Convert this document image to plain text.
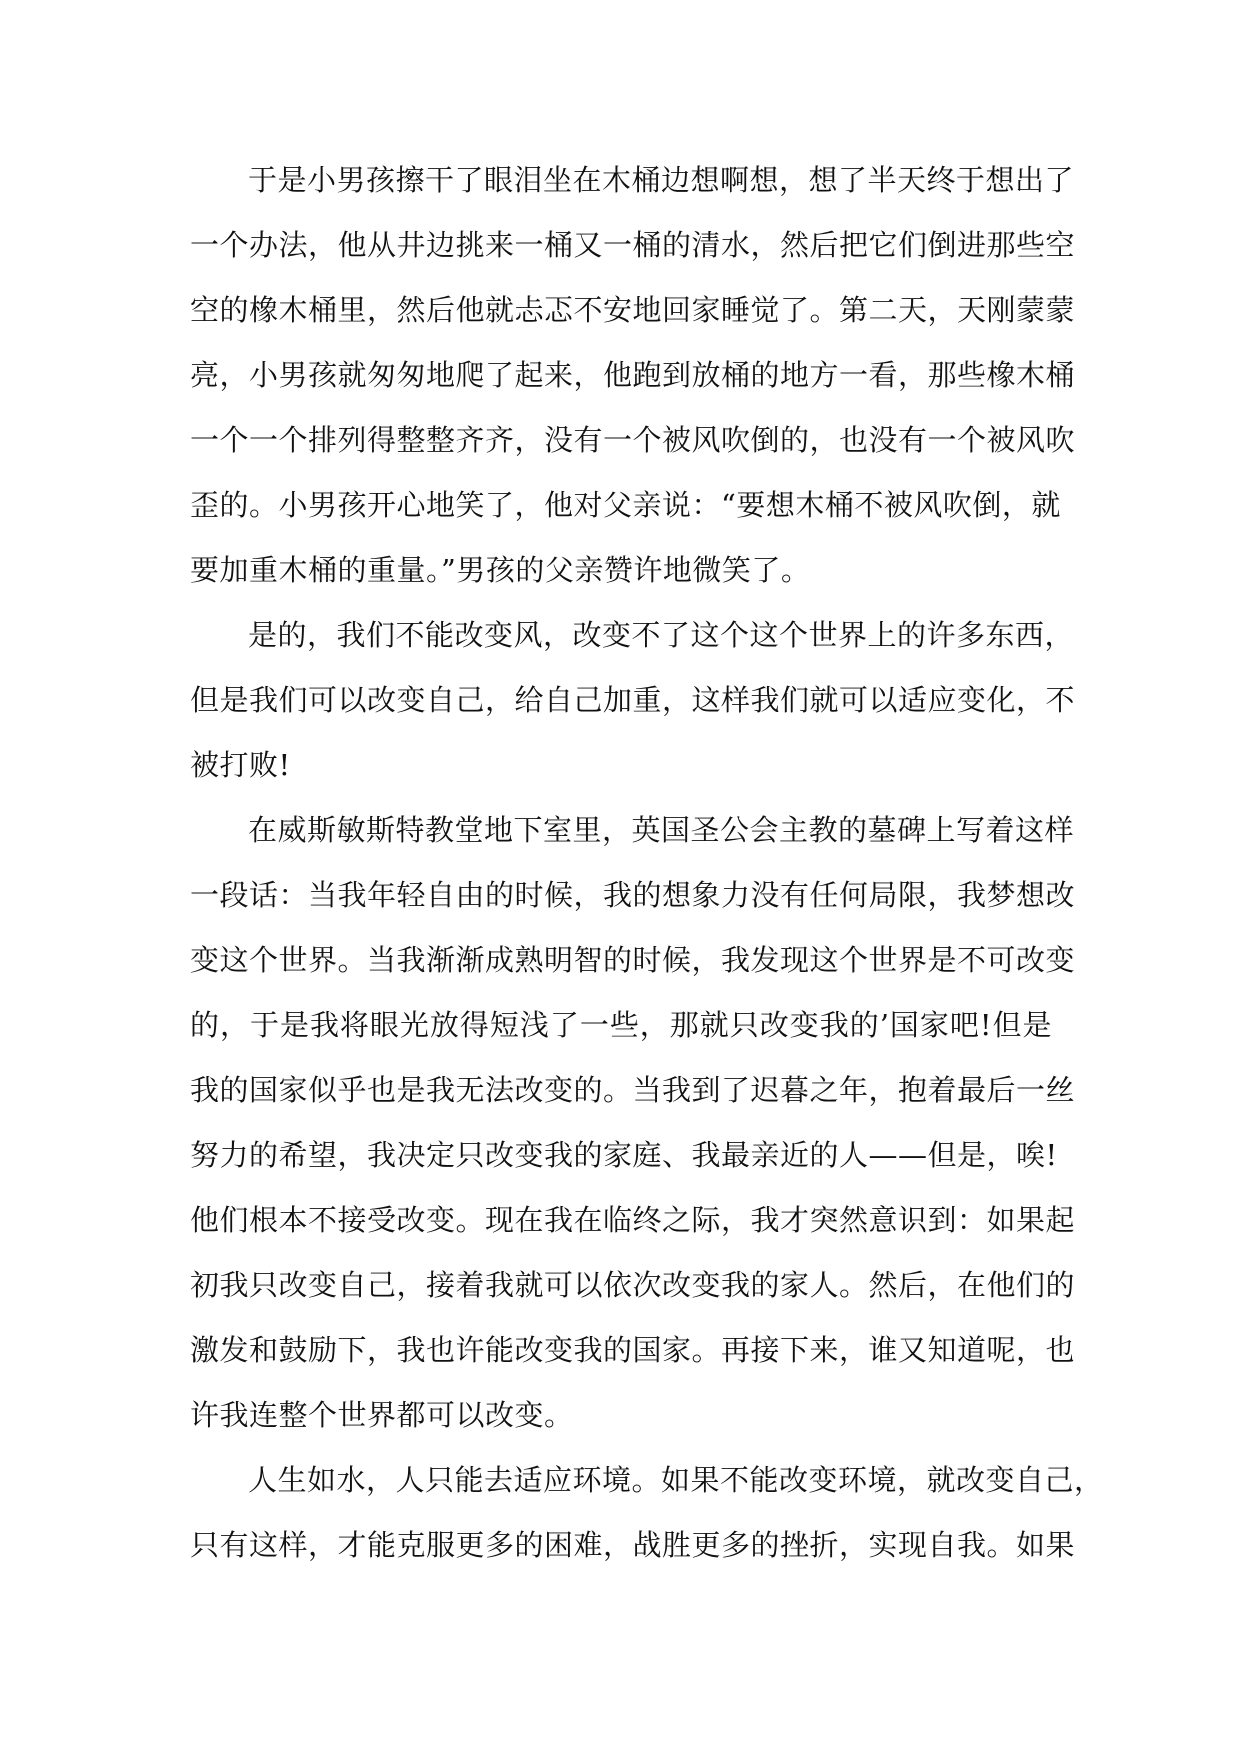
于是小男孩擦干了眼泪坐在木桶边想啊想，想了半天终于想出了
一个办法，他从井边挑来一桶又一桶的清水，然后把它们倒进那些空
空的橡木桶里，然后他就忐忑不安地回家睡觉了。第二天，天刚蒙蒙
亮，小男孩就匆匆地爬了起来，他跑到放桶的地方一看，那些橡木桶
一个一个排列得整整齐齐，没有一个被风吹倒的，也没有一个被风吹
歪的。小男孩开心地笑了，他对父亲说：“要想木桶不被风吹倒，就
要加重木桶的重量。”男孩的父亲赞许地微笑了。
是的，我们不能改变风，改变不了这个这个世界上的许多东西，
但是我们可以改变自己，给自己加重，这样我们就可以适应变化，不
被打败!
在威斯敏斯特教堂地下室里，英国圣公会主教的墓碑上写着这样
一段话：当我年轻自由的时候，我的想象力没有任何局限，我梦想改
变这个世界。当我渐渐成熟明智的时候，我发现这个世界是不可改变
的，于是我将眼光放得短浅了一些，那就只改变我的’国家吧!但是
我的国家似乎也是我无法改变的。当我到了迟暮之年，抱着最后一丝
努力的希望，我决定只改变我的家庭、我最亲近的人——但是，唉!
他们根本不接受改变。现在我在临终之际，我才突然意识到：如果起
初我只改变自己，接着我就可以依次改变我的家人。然后，在他们的
激发和鼓励下，我也许能改变我的国家。再接下来，谁又知道呢，也
许我连整个世界都可以改变。
人生如水，人只能去适应环境。如果不能改变环境，就改变自己，
只有这样，才能克服更多的困难，战胜更多的挫折，实现自我。如果
